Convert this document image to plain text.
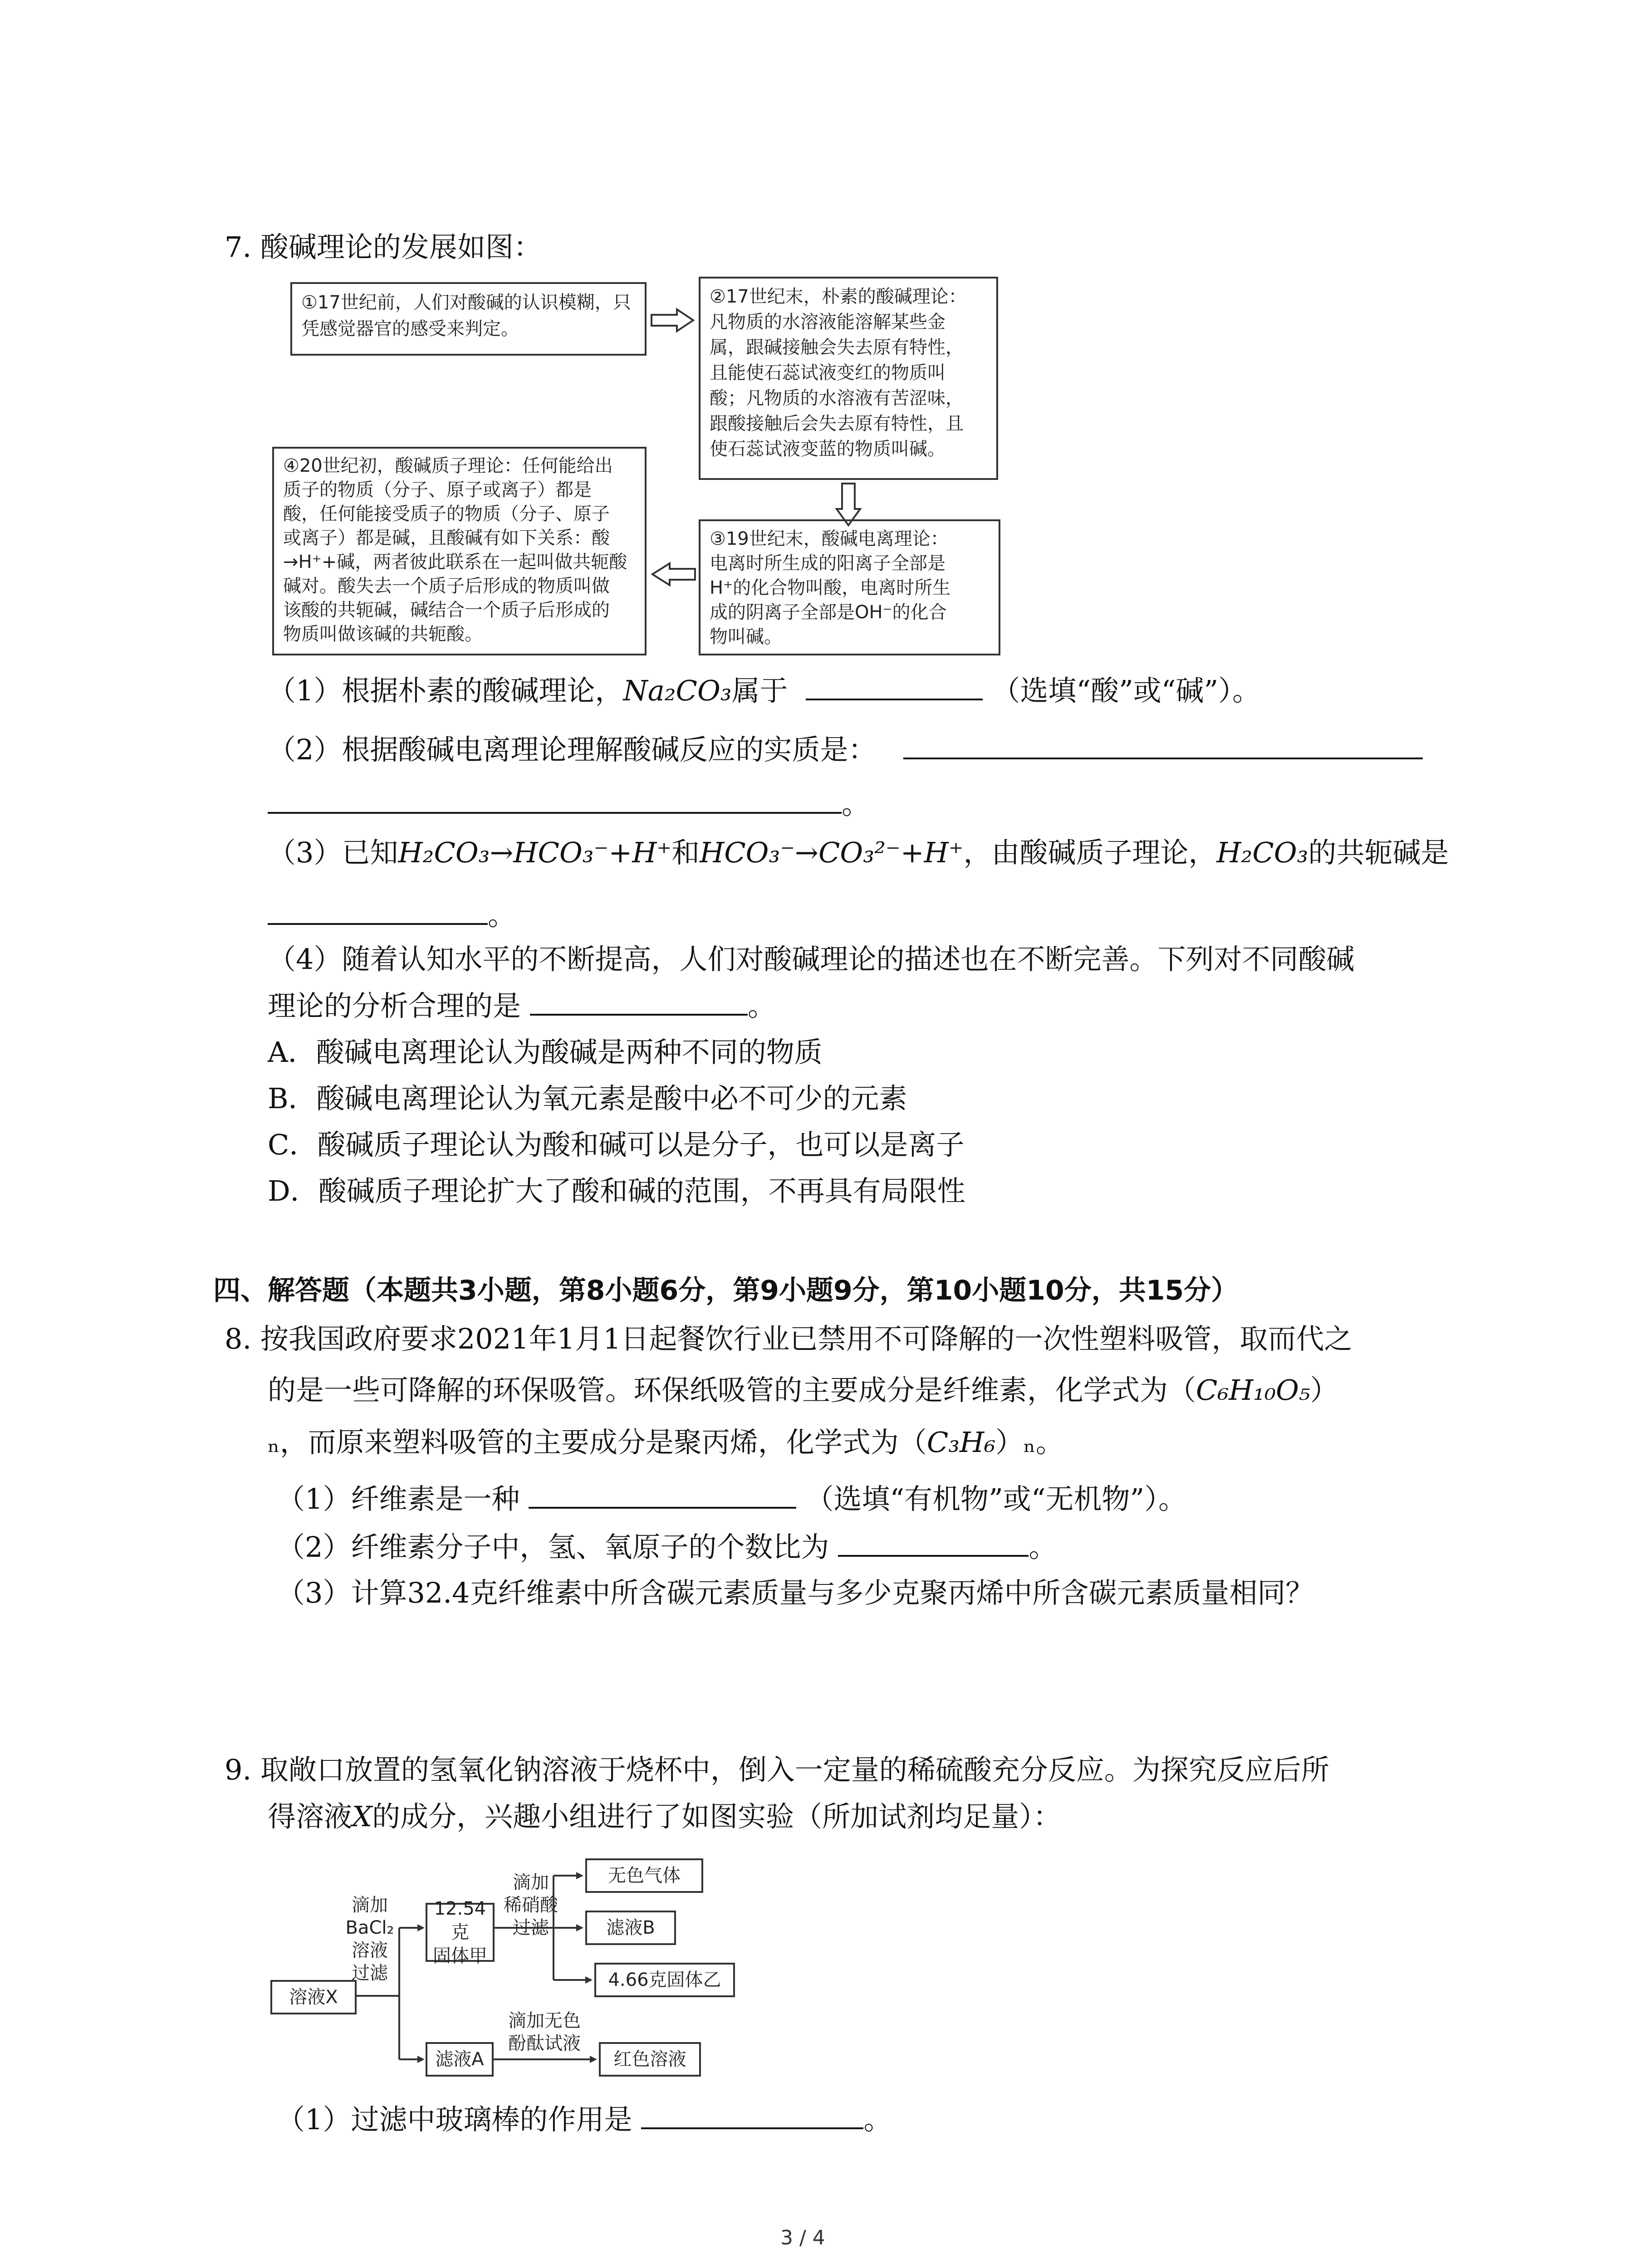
7. 酸碱理论的发展如图：
①17世纪前，人们对酸碱的认识模糊，只凭感觉器官的感受来判定。
②17世纪末，朴素的酸碱理论：
凡物质的水溶液能溶解某些金
属，跟碱接触会失去原有特性，
且能使石蕊试液变红的物质叫
酸；凡物质的水溶液有苦涩味，
跟酸接触后会失去原有特性，且
使石蕊试液变蓝的物质叫碱。
③19世纪末，酸碱电离理论：
电离时所生成的阳离子全部是
H⁺的化合物叫酸，电离时所生
成的阴离子全部是OH⁻的化合
物叫碱。
④20世纪初，酸碱质子理论：任何能给出
质子的物质（分子、原子或离子）都是
酸，任何能接受质子的物质（分子、原子
或离子）都是碱，且酸碱有如下关系：酸
→H⁺+碱，两者彼此联系在一起叫做共轭酸
碱对。酸失去一个质子后形成的物质叫做
该酸的共轭碱，碱结合一个质子后形成的
物质叫做该碱的共轭酸。
（1）根据朴素的酸碱理论，Na₂CO₃属于	（选填“酸”或“碱”）。
（2）根据酸碱电离理论理解酸碱反应的实质是：
。
（3）已知H₂CO₃→HCO₃⁻+H⁺和HCO₃⁻→CO₃²⁻+H⁺，由酸碱质子理论，H₂CO₃的共轭碱是
。
（4）随着认知水平的不断提高，人们对酸碱理论的描述也在不断完善。下列对不同酸碱
理论的分析合理的是	。
A．酸碱电离理论认为酸碱是两种不同的物质
B．酸碱电离理论认为氧元素是酸中必不可少的元素
C．酸碱质子理论认为酸和碱可以是分子，也可以是离子
D．酸碱质子理论扩大了酸和碱的范围，不再具有局限性
四、解答题（本题共3小题，第8小题6分，第9小题9分，第10小题10分，共15分）
8. 按我国政府要求2021年1月1日起餐饮行业已禁用不可降解的一次性塑料吸管，取而代之
的是一些可降解的环保吸管。环保纸吸管的主要成分是纤维素，化学式为（C₆H₁₀O₅）
ₙ，而原来塑料吸管的主要成分是聚丙烯，化学式为（C₃H₆）ₙ。
（1）纤维素是一种	（选填“有机物”或“无机物”）。
（2）纤维素分子中，氢、氧原子的个数比为	。
（3）计算32.4克纤维素中所含碳元素质量与多少克聚丙烯中所含碳元素质量相同？
9. 取敞口放置的氢氧化钠溶液于烧杯中，倒入一定量的稀硫酸充分反应。为探究反应后所
得溶液X的成分，兴趣小组进行了如图实验（所加试剂均足量）：
溶液X
滴加
BaCl₂
溶液
过滤
12.54克
固体甲
滴加
稀硝酸
过滤
无色气体
滤液B
4.66克固体乙
滤液A
滴加无色
酚酞试液
红色溶液
（1）过滤中玻璃棒的作用是	。
3 / 4
